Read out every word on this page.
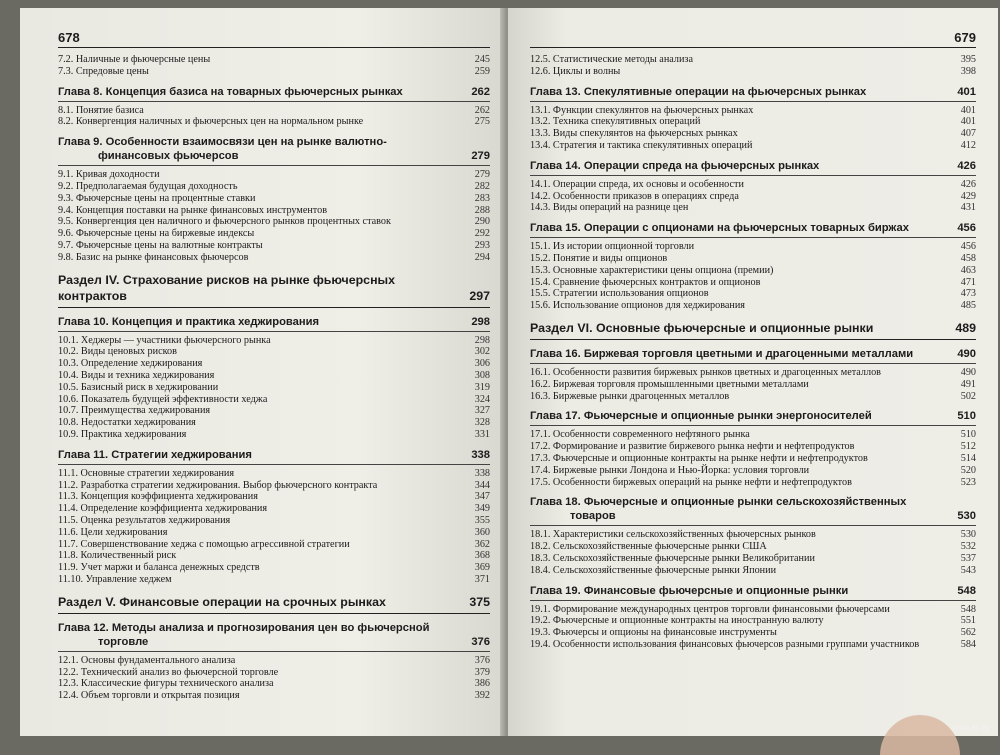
678
7.2. Наличные и фьючерсные цены	245
7.3. Спредовые цены	259
Глава 8. Концепция базиса на товарных фьючерсных рынках	262
8.1. Понятие базиса	262
8.2. Конвергенция наличных и фьючерсных цен на нормальном рынке	275
Глава 9. Особенности взаимосвязи цен на рынке валютно-финансовых фьючерсов	279
9.1. Кривая доходности	279
9.2. Предполагаемая будущая доходность	282
9.3. Фьючерсные цены на процентные ставки	283
9.4. Концепция поставки на рынке финансовых инструментов	288
9.5. Конвергенция цен наличного и фьючерсного рынков процентных ставок	290
9.6. Фьючерсные цены на биржевые индексы	292
9.7. Фьючерсные цены на валютные контракты	293
9.8. Базис на рынке финансовых фьючерсов	294
Раздел IV. Страхование рисков на рынке фьючерсных контрактов	297
Глава 10. Концепция и практика хеджирования	298
10.1. Хеджеры — участники фьючерсного рынка	298
10.2. Виды ценовых рисков	302
10.3. Определение хеджирования	306
10.4. Виды и техника хеджирования	308
10.5. Базисный риск в хеджировании	319
10.6. Показатель будущей эффективности хеджа	324
10.7. Преимущества хеджирования	327
10.8. Недостатки хеджирования	328
10.9. Практика хеджирования	331
Глава 11. Стратегии хеджирования	338
11.1. Основные стратегии хеджирования	338
11.2. Разработка стратегии хеджирования. Выбор фьючерсного контракта	344
11.3. Концепция коэффициента хеджирования	347
11.4. Определение коэффициента хеджирования	349
11.5. Оценка результатов хеджирования	355
11.6. Цели хеджирования	360
11.7. Совершенствование хеджа с помощью агрессивной стратегии	362
11.8. Количественный риск	368
11.9. Учет маржи и баланса денежных средств	369
11.10. Управление хеджем	371
Раздел V. Финансовые операции на срочных рынках	375
Глава 12. Методы анализа и прогнозирования цен во фьючерсной торговле	376
12.1. Основы фундаментального анализа	376
12.2. Технический анализ во фьючерсной торговле	379
12.3. Классические фигуры технического анализа	386
12.4. Объем торговли и открытая позиция	392
679
12.5. Статистические методы анализа	395
12.6. Циклы и волны	398
Глава 13. Спекулятивные операции на фьючерсных рынках	401
13.1. Функции спекулянтов на фьючерсных рынках	401
13.2. Техника спекулятивных операций	401
13.3. Виды спекулянтов на фьючерсных рынках	407
13.4. Стратегия и тактика спекулятивных операций	412
Глава 14. Операции спреда на фьючерсных рынках	426
14.1. Операции спреда, их основы и особенности	426
14.2. Особенности приказов в операциях спреда	429
14.3. Виды операций на разнице цен	431
Глава 15. Операции с опционами на фьючерсных товарных биржах	456
15.1. Из истории опционной торговли	456
15.2. Понятие и виды опционов	458
15.3. Основные характеристики цены опциона (премии)	463
15.4. Сравнение фьючерсных контрактов и опционов	471
15.5. Стратегии использования опционов	473
15.6. Использование опционов для хеджирования	485
Раздел VI. Основные фьючерсные и опционные рынки	489
Глава 16. Биржевая торговля цветными и драгоценными металлами	490
16.1. Особенности развития биржевых рынков цветных и драгоценных металлов	490
16.2. Биржевая торговля промышленными цветными металлами	491
16.3. Биржевые рынки драгоценных металлов	502
Глава 17. Фьючерсные и опционные рынки энергоносителей	510
17.1. Особенности современного нефтяного рынка	510
17.2. Формирование и развитие биржевого рынка нефти и нефтепродуктов	512
17.3. Фьючерсные и опционные контракты на рынке нефти и нефтепродуктов	514
17.4. Биржевые рынки Лондона и Нью-Йорка: условия торговли	520
17.5. Особенности биржевых операций на рынке нефти и нефтепродуктов	523
Глава 18. Фьючерсные и опционные рынки сельскохозяйственных товаров	530
18.1. Характеристики сельскохозяйственных фьючерсных рынков	530
18.2. Сельскохозяйственные фьючерсные рынки США	532
18.3. Сельскохозяйственные фьючерсные рынки Великобритании	537
18.4. Сельскохозяйственные фьючерсные рынки Японии	543
Глава 19. Финансовые фьючерсные и опционные рынки	548
19.1. Формирование международных центров торговли финансовыми фьючерсами	548
19.2. Фьючерсные и опционные контракты на иностранную валюту	551
19.3. Фьючерсы и опционы на финансовые инструменты	562
19.4. Особенности использования финансовых фьючерсов разными группами участников	584
www.ay.by
